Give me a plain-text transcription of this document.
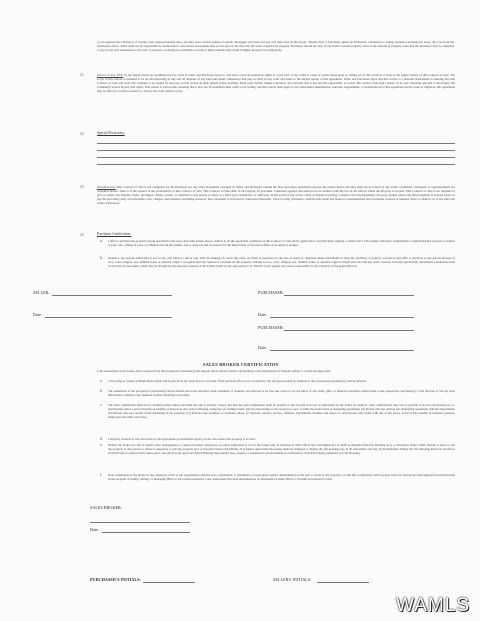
of all required title evidences of closing costs, homeownership dues, all other taxes and fee stamps on deeds, mortgages and notes and any and other fees (Collectively, "Buyers Fees"). Purchaser agrees all Promotion calculated at closing, includes purchases for notes, any fees from the transaction above. Seller shall not be responsible for homeowner's association assessments that accrue prior to the date that the seller acquired the property. Purchaser should not rely on the Seller's current property taxes as the amount of property taxes that the purchaser may be obligated to pay in any year subsequent to the year of purchase. A change in ownership or property improvements may result in higher property tax obligations.
11.	Waiver of Jury Trial. To the fullest extent not prohibited by law, each of Seller and Purchaser agree to, and does, waive its respective rights to a jury trial of any claim or cause of action based upon or arising out of this Contract of Sale or the subject matter of this Contract of Sale. The scope of this waiver is intended to be all encompassing of any and all disputes of any kind and nature whatsoever that may be filed in any court and relate to the subject matter of this agreement. Seller and Purchaser agree that this waiver is a material inducement to entering into this Contract of Sale and each will continue to be bound by and rely on this waiver in their related future dealings. Each party further further represents and warrants that it has had the opportunity to review this waiver with legal counsel of its own choosing and that it knowingly and voluntarily waives its jury trial rights. This waiver is irrevocable, meaning that it may not be modified either orally or in writing, and this waiver shall apply to any subsequent amendments, renewals, supplements, or modifications to this agreement. In the event of litigation, this agreement may be filed as a written consent to a trial by the court without a jury.
12.	Special Provisions:
13.	Miscellaneous: This Contract of Sale is not assignable by the Purchaser nor any other documents executed by Seller and Purchaser contain the final and entire agreement between the parties hereto and they shall not be bound by any terms, conditions, statements or representations not contained herein. Time is of the essence in the performance of this Contract of Sale. This Contract of Sale shall, in all respects, be governed, construed, applied, and enforced in accordance with the law of the state in which the Property is located. This Contract of Sale is not intended to give or confer any benefits, rights, privileges, claims, actions, or remedies to any person or entity as a third party beneficiary or otherwise. In the event of any action, claim or dispute involving a dispute over this agreement, the party against whom any final judgment is entered agrees to pay the prevailing party all reasonable costs, charges, and expenses, including attorneys' fees, expended or incurred in connection therewith. Upon Closing, Purchaser confirms that Seller has made no representations and warranties, express or implied, direct or indirect or of any kind and nature whatsoever.
14.	Purchaser Certification:
a. I offer to purchase the property herein described at the price and terms herein shown, subject to all the applicable conditions of this Contract of Sale and if applicable to any Purchaser signing, I certify that I will comply with these requirements. I understand that property is subject to prior sale, change of price or withdrawal from the market, and to approval and acceptance by the Department of Veterans Affairs or its agent or assigns.
b. Neither I, nor anyone authorized to act for me, will refuse to sell or rent, after the making of a bona fide offer, or refuse to negotiate for the sale or rental of, otherwise make unavailable or deny the dwelling or property covered by this offer to purchase to any person because of race, color, religion, sex, familial status or national origin. I recognize that any restrictive covenant on this property relating to race, color, religion, sex, familial status, or national origin is illegal and void and any such covenant is hereby specifically disclaimed. I understand that civil action for preventive relief may be brought by the Attorney General of the United States in any appropriate U.S. District Court against any person responsible for the violation of the applicable law.
SELLER:	PURCHASER:
Date:	Date:
PURCHASER:
Date:
SALES BROKER CERTIFICATION
I, the undersigned sales broker, have received from the prospective purchaser(s) the deposit shown herein which I am holding for the Department of Veterans Affairs. I certify and agree that:
a. I am acting as Trustee of Bank funds which will be placed in my Trust Escrow Account. If the purchase offer is not accepted by VA, the deposit shall be returned to the prospective purchaser(s) without interest.
b. The statements of the prospective purchaser(s) shown herein and in the attached credit statement, if required, are believed to be true and correct. I do not know of any loans, gifts, or financial assistance being made to the prospective purchaser(s). I will disclose to VA any such information coming to my attention if seller financing is involved.
c. The sales commission shall not be deemed earned unless and until the sale is actually closed, and that the sales commission shall be payable to the account sold was as authorized by the Seller. In addition, sales commissions may not be payable if (1) the purchaser(s) or co-purchaser(s) select a person having an identity of interest in one of the following categories: (i) Selling broker who has knowledge or has reserved a copy of either the foreclosure or marketing agreement; (ii) Person who has entered into marketing agreement with the Department; (iii) Person who has control of the marketing of the property; (iv) Persons who promises or evaluates offers; (v) Spouses, parents, in-laws, children, stepchildren, brothers and sisters of, and persons who reside with any of the above, and (vi) The identity of interest's partners, employees and other associates.
d. I am fully licensed to sell real estate by the appropriate governmental agency in the state where this property is located.
e. Neither the broker nor any of his/her sales, management, or rental personnel, employees, or others authorized to act for the broker will, in violation of Title VIII of the Civil Rights Act of 1968 as amended (The Fair Housing Act), or Executive Order 11063, decline to show or sell the property to any person or refuse to negotiate or sell any property now or hereafter listed with him/her. It is further agreed that the broker shall be obligated to display the fair housing logo in all advertising and any, (ii) Prominently display the Fair Housing Poster in all offices in which sale or rental activity takes place, and (iii) Use the approved Equal Housing Opportunity logo, slogan, or statement in all advertising in conformance with Advertising guidelines for Fair Housing.
f. Non-compliance by the broker or any employee of his or her organization with the laws, regulations, or agreement, or appropriate agency determination in the sale or rental of any property, or with this certification will be proper basis for barring the undersigned from participation in the program of selling, renting, or managing HUD or VA owned properties. I also understand that such determination of debarment by either HUD or VA shall be honored by both.
SALES BROKER:
Date:
PURCHASER'S INITIALS:	SELLER'S INITIALS:
WAMLS
